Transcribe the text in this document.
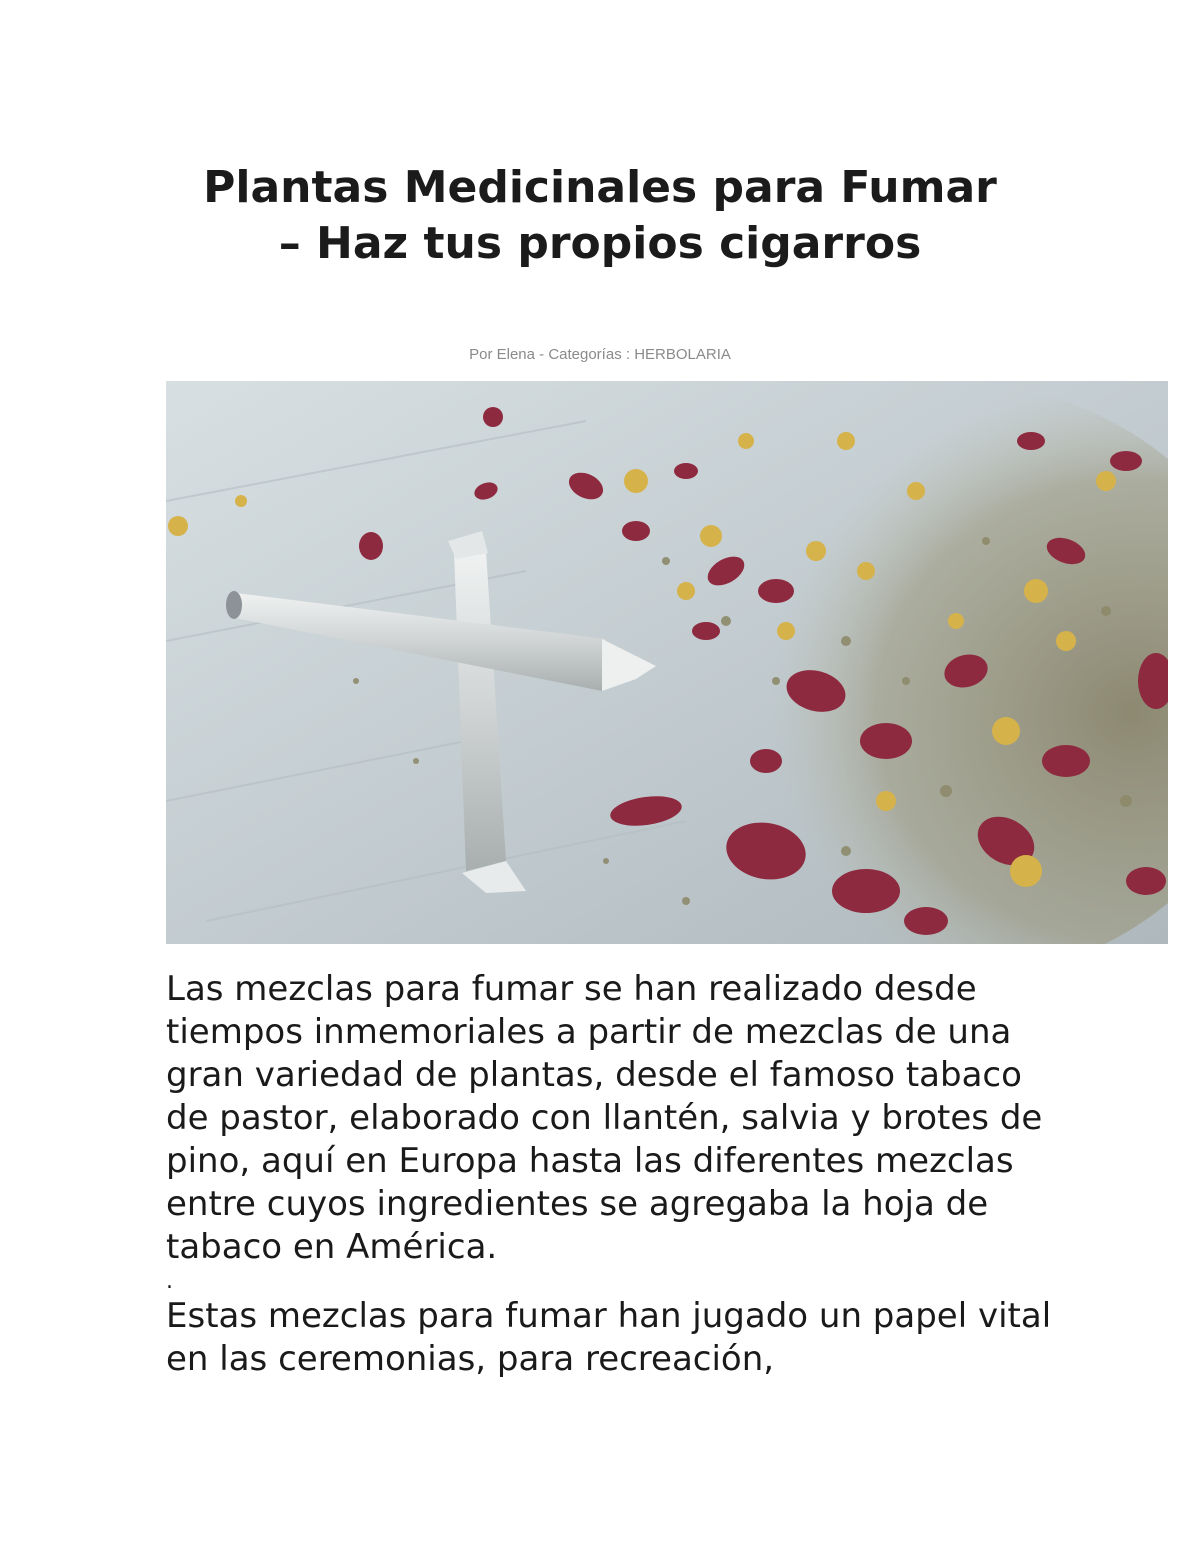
Plantas Medicinales para Fumar – Haz tus propios cigarros
Por Elena - Categorías : HERBOLARIA

Las mezclas para fumar se han realizado desde tiempos inmemoriales a partir de mezclas de una gran variedad de plantas, desde el famoso tabaco de pastor, elaborado con llantén, salvia y brotes de pino, aquí en Europa hasta las diferentes mezclas entre cuyos ingredientes se agregaba la hoja de tabaco en América.

.

Estas mezclas para fumar han jugado un papel vital en las ceremonias, para recreación,
